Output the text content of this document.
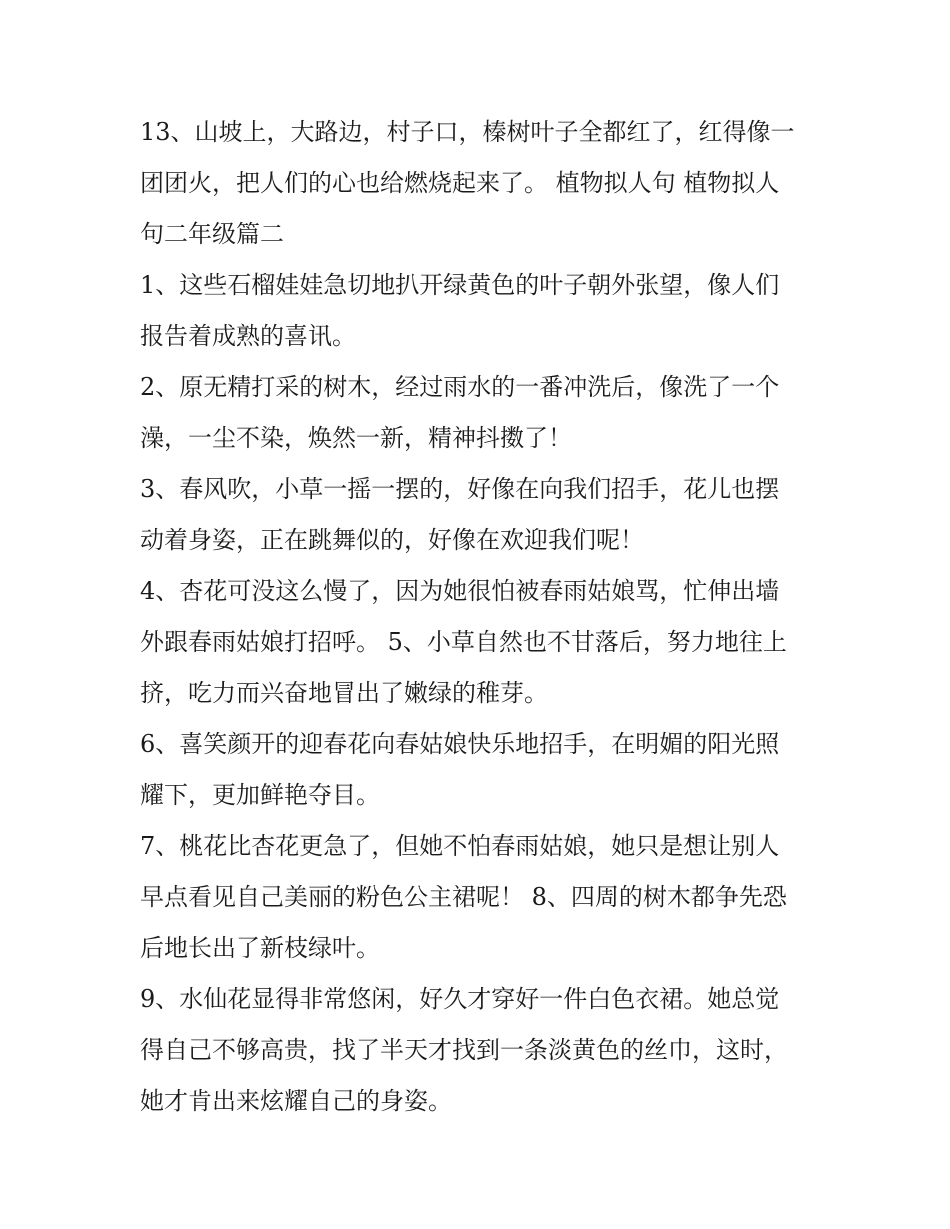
13、山坡上，大路边，村子口，榛树叶子全都红了，红得像一
团团火，把人们的心也给燃烧起来了。 植物拟人句 植物拟人
句二年级篇二

1、这些石榴娃娃急切地扒开绿黄色的叶子朝外张望，像人们
报告着成熟的喜讯。

2、原无精打采的树木，经过雨水的一番冲洗后，像洗了一个
澡，一尘不染，焕然一新，精神抖擞了！

3、春风吹，小草一摇一摆的，好像在向我们招手，花儿也摆
动着身姿，正在跳舞似的，好像在欢迎我们呢！

4、杏花可没这么慢了，因为她很怕被春雨姑娘骂，忙伸出墙
外跟春雨姑娘打招呼。 5、小草自然也不甘落后，努力地往上
挤，吃力而兴奋地冒出了嫩绿的稚芽。

6、喜笑颜开的迎春花向春姑娘快乐地招手，在明媚的阳光照
耀下，更加鲜艳夺目。

7、桃花比杏花更急了，但她不怕春雨姑娘，她只是想让别人
早点看见自己美丽的粉色公主裙呢！ 8、四周的树木都争先恐
后地长出了新枝绿叶。

9、水仙花显得非常悠闲，好久才穿好一件白色衣裙。她总觉
得自己不够高贵，找了半天才找到一条淡黄色的丝巾，这时，
她才肯出来炫耀自己的身姿。
